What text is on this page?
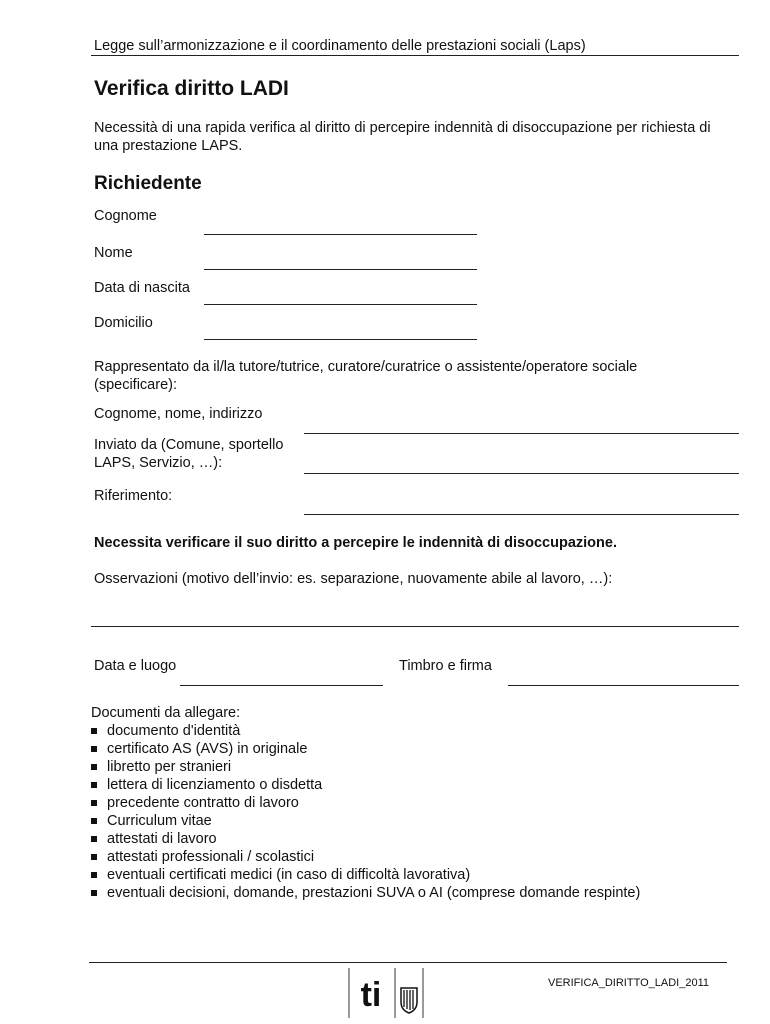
Legge sull’armonizzazione e il coordinamento delle prestazioni sociali (Laps)
Verifica diritto LADI
Necessità di una rapida verifica al diritto di percepire indennità di disoccupazione per richiesta di
una prestazione LAPS.
Richiedente
Cognome
Nome
Data di nascita
Domicilio
Rappresentato da il/la tutore/tutrice, curatore/curatrice o assistente/operatore sociale
(specificare):
Cognome, nome, indirizzo
Inviato da (Comune, sportello
LAPS, Servizio, …):
Riferimento:
Necessita verificare il suo diritto a percepire le indennità di disoccupazione.
Osservazioni (motivo dell’invio: es. separazione, nuovamente abile al lavoro, …):
Data e luogo	Timbro e firma
Documenti da allegare:
documento d'identità
certificato AS (AVS) in originale
libretto per stranieri
lettera di licenziamento o disdetta
precedente contratto di lavoro
Curriculum vitae
attestati di lavoro
attestati professionali / scolastici
eventuali certificati medici (in caso di difficoltà lavorativa)
eventuali decisioni, domande, prestazioni SUVA o AI (comprese domande respinte)
ti	VERIFICA_DIRITTO_LADI_2011
